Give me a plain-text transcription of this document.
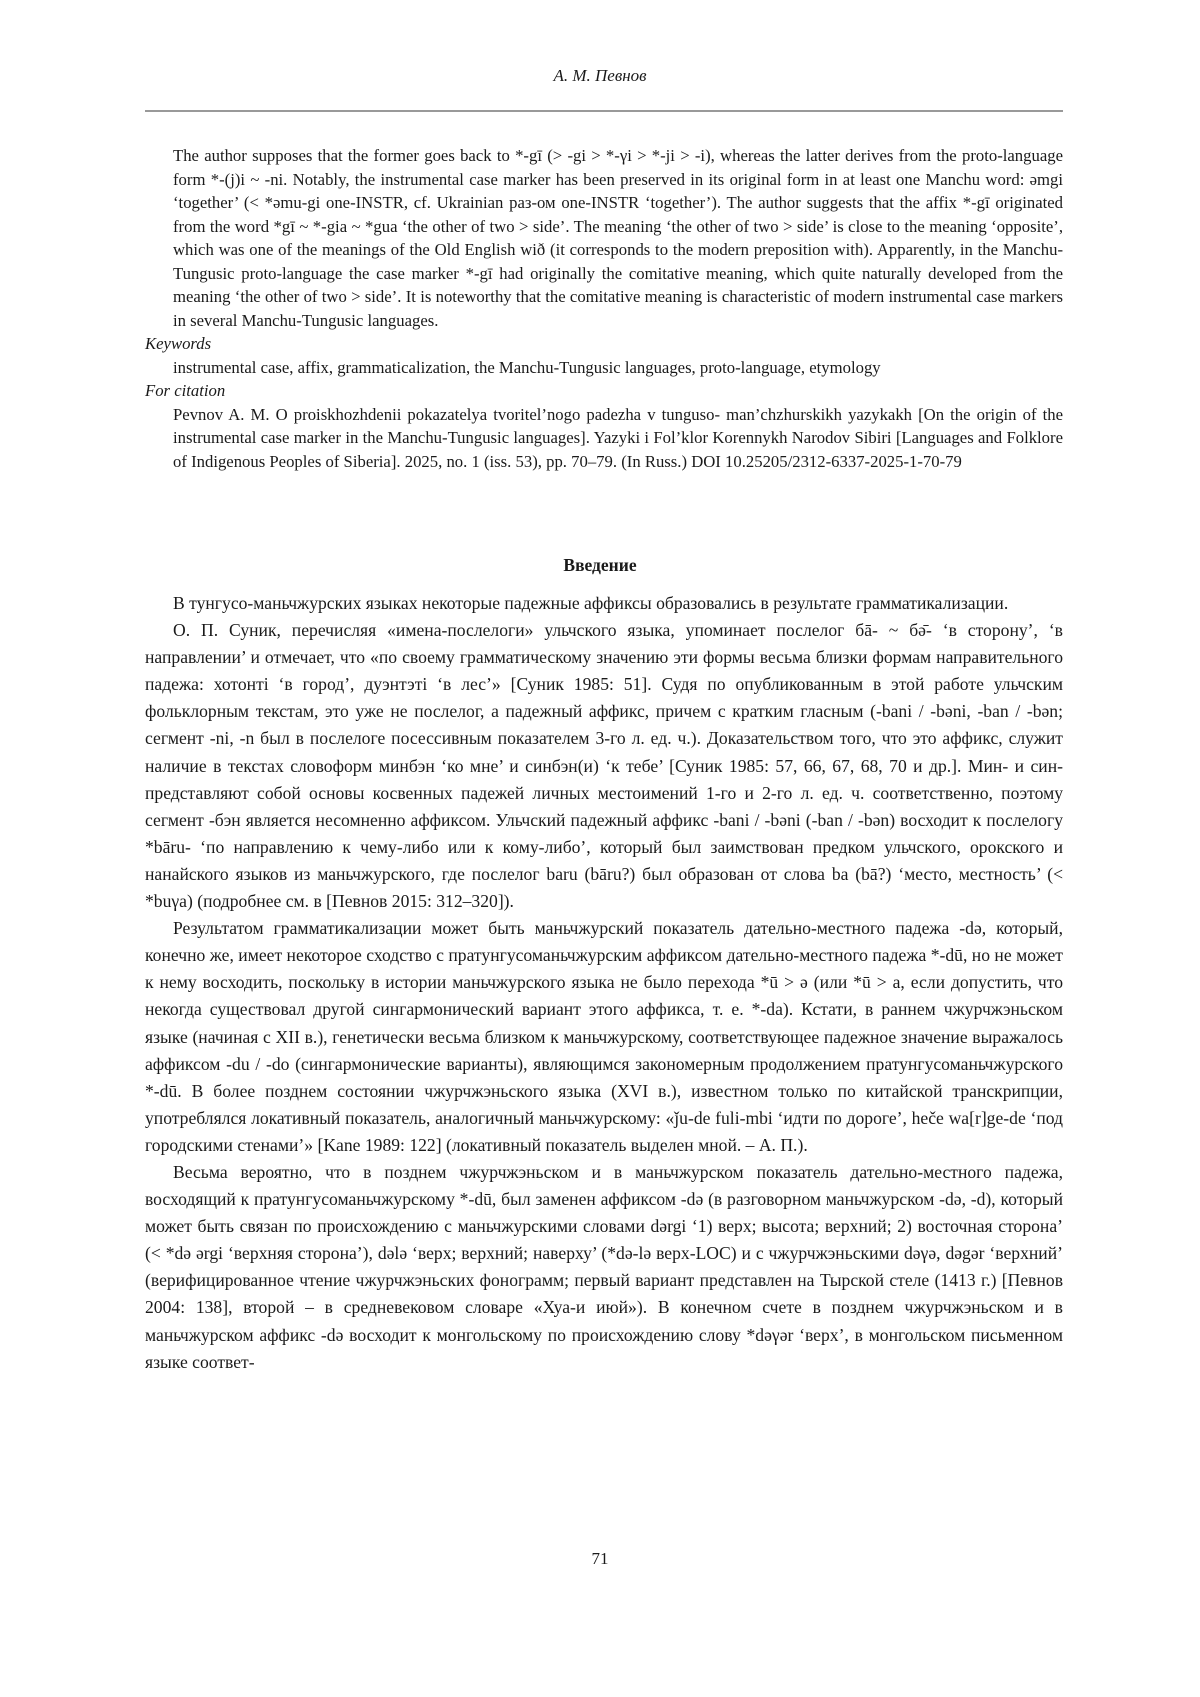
А. М. Певнов

The author supposes that the former goes back to *-gī (> -gi > *-γi > *-ji > -i), whereas the latter derives from the proto-language form *-(j)i ~ -ni. Notably, the instrumental case marker has been preserved in its original form in at least one Manchu word: əmgi ‘together’ (< *əmu-gi one-INSTR, cf. Ukrainian раз-ом one-INSTR ‘together’). The author suggests that the affix *-gī originated from the word *gī ~ *-gia ~ *gua ‘the other of two > side’. The meaning ‘the other of two > side’ is close to the meaning ‘opposite’, which was one of the meanings of the Old English wið (it corresponds to the modern preposition with). Apparently, in the Manchu-Tungusic proto-language the case marker *-gī had originally the comitative meaning, which quite naturally developed from the meaning ‘the other of two > side’. It is noteworthy that the comitative meaning is characteristic of modern instrumental case markers in several Manchu-Tungusic languages.

Keywords
instrumental case, affix, grammaticalization, the Manchu-Tungusic languages, proto-language, etymology
For citation
Pevnov A. M. O proiskhozhdenii pokazatelya tvoritel’nogo padezha v tunguso- man’chzhurskikh yazykakh [On the origin of the instrumental case marker in the Manchu-Tungusic languages]. Yazyki i Fol’klor Korennykh Narodov Sibiri [Languages and Folklore of Indigenous Peoples of Siberia]. 2025, no. 1 (iss. 53), pp. 70–79. (In Russ.) DOI 10.25205/2312-6337-2025-1-70-79
Введение

В тунгусо-маньчжурских языках некоторые падежные аффиксы образовались в результате грамматикализации.

О. П. Суник, перечисляя «имена-послелоги» ульчского языка, упоминает послелог бā- ~ бə̄- ‘в сторону’, ‘в направлении’ и отмечает, что «по своему грамматическому значению эти формы весьма близки формам направительного падежа: хотонті ‘в город’, дуэнтэті ‘в лес’» [Суник 1985: 51]. Судя по опубликованным в этой работе ульчским фольклорным текстам, это уже не послелог, а падежный аффикс, причем с кратким гласным (-bani / -bəni, -ban / -bən; сегмент -ni, -n был в послелоге посессивным показателем 3-го л. ед. ч.). Доказательством того, что это аффикс, служит наличие в текстах словоформ минбэн ‘ко мне’ и синбэн(и) ‘к тебе’ [Суник 1985: 57, 66, 67, 68, 70 и др.]. Мин- и син- представляют собой основы косвенных падежей личных местоимений 1-го и 2-го л. ед. ч. соответственно, поэтому сегмент -бэн является несомненно аффиксом. Ульчский падежный аффикс -bani / -bəni (-ban / -bən) восходит к послелогу *bāru- ‘по направлению к чему-либо или к кому-либо’, который был заимствован предком ульчского, орокского и нанайского языков из маньчжурского, где послелог baru (bāru?) был образован от слова ba (bā?) ‘место, местность’ (< *buγa) (подробнее см. в [Певнов 2015: 312–320]).

Результатом грамматикализации может быть маньчжурский показатель дательно-местного падежа -də, который, конечно же, имеет некоторое сходство с пратунгусоманьчжурским аффиксом дательно-местного падежа *-dū, но не может к нему восходить, поскольку в истории маньчжурского языка не было перехода *ū > ə (или *ū > a, если допустить, что некогда существовал другой сингармонический вариант этого аффикса, т. е. *-da). Кстати, в раннем чжурчжэньском языке (начиная с XII в.), генетически весьма близком к маньчжурскому, соответствующее падежное значение выражалось аффиксом -du / -do (сингармонические варианты), являющимся закономерным продолжением пратунгусоманьчжурского *-dū. В более позднем состоянии чжурчжэньского языка (XVI в.), известном только по китайской транскрипции, употреблялся локативный показатель, аналогичный маньчжурскому: «ǰu-de fuli-mbi ‘идти по дороге’, heče wa[r]ge-de ‘под городскими стенами’» [Kane 1989: 122] (локативный показатель выделен мной. – А. П.).

Весьма вероятно, что в позднем чжурчжэньском и в маньчжурском показатель дательно-местного падежа, восходящий к пратунгусоманьчжурскому *-dū, был заменен аффиксом -də (в разговорном маньчжурском -də, -d), который может быть связан по происхождению с маньчжурскими словами dərgi ‘1) верх; высота; верхний; 2) восточная сторона’ (< *də ərgi ‘верхняя сторона’), dələ ‘верх; верхний; наверху’ (*də-lə верх-LOC) и с чжурчжэньскими dəγə, dəgər ‘верхний’ (верифицированное чтение чжурчжэньских фонограмм; первый вариант представлен на Тырской стеле (1413 г.) [Певнов 2004: 138], второй – в средневековом словаре «Хуа-и июй»). В конечном счете в позднем чжурчжэньском и в маньчжурском аффикс -də восходит к монгольскому по происхождению слову *dəγər ‘верх’, в монгольском письменном языке соответ-

71
